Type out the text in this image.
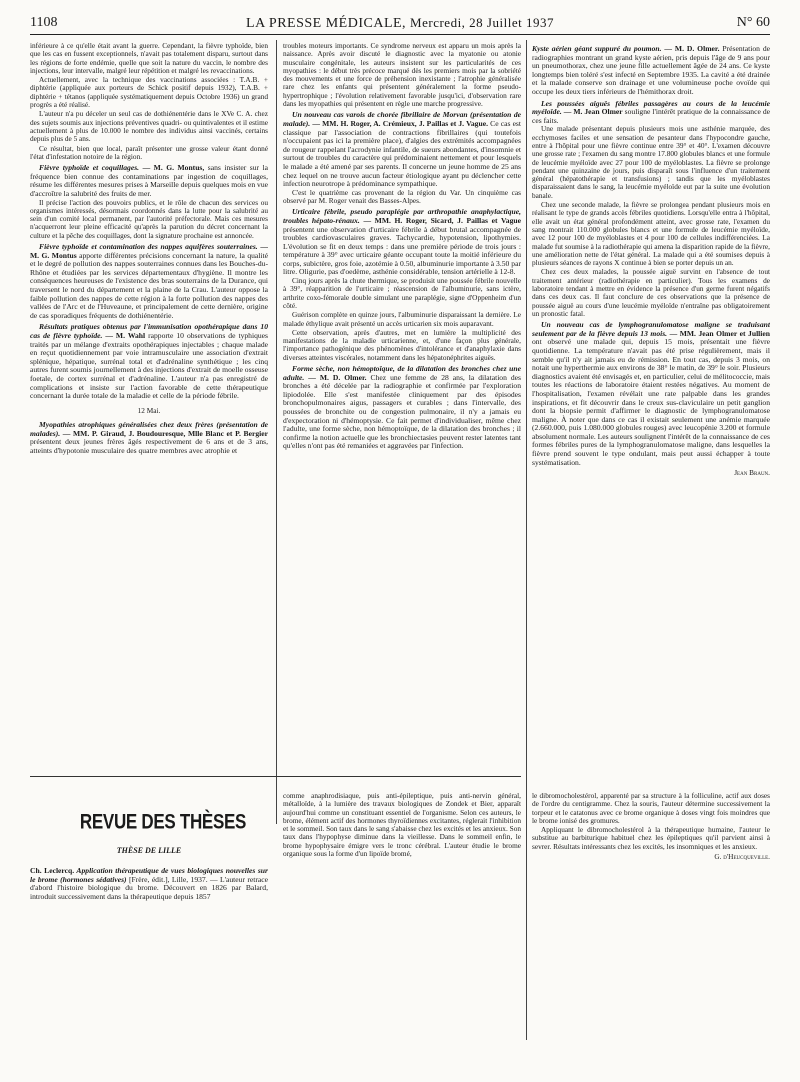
1108	LA PRESSE MÉDICALE, Mercredi, 28 Juillet 1937	N° 60

inférieure à ce qu'elle était avant la guerre. Cependant, la fièvre typhoïde, bien que les cas en fussent exceptionnels, n'avait pas totalement disparu, surtout dans les régions de forte endémie, quelle que soit la nature du vaccin, le nombre des injections, leur intervalle, malgré leur répétition et malgré les revaccinations.

Actuellement, avec la technique des vaccinations associées : T.A.B. + diphtérie (appliquée aux porteurs de Schick positif depuis 1932), T.A.B. + diphtérie + tétanos (appliquée systématiquement depuis Octobre 1936) un grand progrès a été réalisé.

L'auteur n'a pu déceler un seul cas de dothiénentérie dans le XVe C. A. chez des sujets soumis aux injections préventives quadri- ou quintivalentes et il estime actuellement à plus de 10.000 le nombre des individus ainsi vaccinés, certains depuis plus de 5 ans.

Ce résultat, bien que local, paraît présenter une grosse valeur étant donné l'état d'infestation notoire de la région.

Fièvre typhoïde et coquillages. — M. G. Montus, sans insister sur la fréquence bien connue des contaminations par ingestion de coquillages, résume les différentes mesures prises à Marseille depuis quelques mois en vue d'accroître la salubrité des fruits de mer.

Il précise l'action des pouvoirs publics, et le rôle de chacun des services ou organismes intéressés, désormais coordonnés dans la lutte pour la salubrité au sein d'un comité local permanent, par l'autorité préfectorale. Mais ces mesures n'acquerront leur pleine efficacité qu'après la parution du décret concernant la culture et la pêche des coquillages, dont la signature prochaine est annoncée.

Fièvre typhoïde et contamination des nappes aquifères souterraines. — M. G. Montus apporte différentes précisions concernant la nature, la qualité et le degré de pollution des nappes souterraines connues dans les Bouches-du-Rhône et étudiées par les services départementaux d'hygiène. Il montre les conséquences heureuses de l'existence des bras souterrains de la Durance, qui traversent le nord du département et la plaine de la Crau. L'auteur oppose la faible pollution des nappes de cette région à la forte pollution des nappes des vallées de l'Arc et de l'Huveaune, et principalement de cette dernière, origine de cas sporadiques fréquents de dothiénentérie.
Résultats pratiques obtenus par l'immunisation opothérapique dans 10 cas de fièvre typhoïde. — M. Wahl rapporte 10 observations de typhiques traités par un mélange d'extraits opothérapiques injectables ; chaque malade en reçut quotidiennement par voie intramusculaire une association d'extrait splénique, hépatique, surrénal total et d'adrénaline synthétique ; les cinq autres furent soumis journellement à des injections d'extrait de moelle osseuse foetale, de cortex surrénal et d'adrénaline. L'auteur n'a pas enregistré de complications et insiste sur l'action favorable de cette thérapeutique concernant la durée totale de la maladie et celle de la période fébrile.

12 Mai.

Myopathies atrophiques généralisées chez deux frères (présentation de malades). — MM. P. Giraud, J. Boudouresque, Mlle Blanc et P. Bergier présentent deux jeunes frères âgés respectivement de 6 ans et de 3 ans, atteints d'hypotonie musculaire des quatre membres avec atrophie et

troubles moteurs importants. Ce syndrome nerveux est apparu un mois après la naissance. Après avoir discuté le diagnostic avec la myatonie ou atonie musculaire congénitale, les auteurs insistent sur les particularités de ces myopathies : le début très précoce marqué dès les premiers mois par la sobriété des mouvements et une force de préhension inexistante ; l'atrophie généralisée rare chez les enfants qui présentent généralement la forme pseudo-hypertrophique ; l'évolution relativement favorable jusqu'ici, d'observation rare dans les myopathies qui présentent en règle une marche progressive.

Un nouveau cas varois de chorée fibrillaire de Morvan (présentation de malade). — MM. H. Roger, A. Crémieux, J. Paillas et J. Vague. Ce cas est classique par l'association de contractions fibrillaires (qui toutefois n'occupaient pas ici la première place), d'algies des extrémités accompagnées de rougeur rappelant l'acrodynie infantile, de sueurs abondantes, d'insomnie et surtout de troubles du caractère qui prédominaient nettement et pour lesquels le malade a été amené par ses parents. Il concerne un jeune homme de 25 ans chez lequel on ne trouve aucun facteur étiologique ayant pu déclencher cette infection neurotrope à prédominance sympathique.

C'est le quatrième cas provenant de la région du Var. Un cinquième cas observé par M. Roger venait des Basses-Alpes.

Urticaire fébrile, pseudo paraplégie par arthropathie anaphylactique, troubles hépato-rénaux. — MM. H. Roger, Sicard, J. Paillas et Vague présentent une observation d'urticaire fébrile à début brutal accompagnée de troubles cardiovasculaires graves. Tachycardie, hypotension, lipothymies. L'évolution se fit en deux temps : dans une première période de trois jours : température à 39° avec urticaire géante occupant toute la moitié inférieure du corps, subictère, gros foie, azotémie à 0.50, albuminurie importante à 3.50 par litre. Oligurie, pas d'oedème, asthénie considérable, tension artérielle à 12-8.

Cinq jours après la chute thermique, se produisit une poussée fébrile nouvelle à 39°, réapparition de l'urticaire ; réascension de l'albuminurie, sans ictère, arthrite coxo-fémorale double simulant une paraplégie, signe d'Oppenheim d'un côté.

Guérison complète en quinze jours, l'albuminurie disparaissant la dernière. Le malade éthylique avait présenté un accès urticarien six mois auparavant.

Cette observation, après d'autres, met en lumière la multiplicité des manifestations de la maladie urticarienne, et, d'une façon plus générale, l'importance pathogénique des phénomènes d'intolérance et d'anaphylaxie dans diverses atteintes viscérales, notamment dans les hépatonéphrites aiguës.

Forme sèche, non hémoptoïque, de la dilatation des bronches chez une adulte. — M. D. Olmer. Chez une femme de 28 ans, la dilatation des bronches a été décelée par la radiographie et confirmée par l'exploration lipiodolée. Elle s'est manifestée cliniquement par des épisodes bronchopulmonaires aigus, passagers et curables ; dans l'intervalle, des poussées de bronchite ou de congestion pulmonaire, il n'y a jamais eu d'expectoration ni d'hémoptysie. Ce fait permet d'individualiser, même chez l'adulte, une forme sèche, non hémoptoïque, de la dilatation des bronches ; il confirme la notion actuelle que les bronchiectasies peuvent rester latentes tant qu'elles n'ont pas été remaniées et aggravées par l'infection.
Kyste aérien géant suppuré du poumon. — M. D. Olmer. Présentation de radiographies montrant un grand kyste aérien, pris depuis l'âge de 9 ans pour un pneumothorax, chez une jeune fille actuellement âgée de 24 ans. Ce kyste longtemps bien toléré s'est infecté en Septembre 1935. La cavité a été drainée et la malade conserve son drainage et une volumineuse poche ovoïde qui occupe les deux tiers inférieurs de l'hémithorax droit.
Les poussées aiguës fébriles passagères au cours de la leucémie myéloïde. — M. Jean Olmer souligne l'intérêt pratique de la connaissance de ces faits.

Une malade présentant depuis plusieurs mois une asthénie marquée, des ecchymoses faciles et une sensation de pesanteur dans l'hypocondre gauche, entre à l'hôpital pour une fièvre continue entre 39° et 40°. L'examen découvre une grosse rate ; l'examen du sang montre 17.800 globules blancs et une formule de leucémie myéloïde avec 27 pour 100 de myéloblastes. La fièvre se prolonge pendant une quinzaine de jours, puis disparaît sous l'influence d'un traitement général (hépatothérapie et transfusions) ; tandis que les myéloblastes disparaissaient dans le sang, la leucémie myéloïde eut par la suite une évolution banale.

Chez une seconde malade, la fièvre se prolongea pendant plusieurs mois en réalisant le type de grands accès fébriles quotidiens. Lorsqu'elle entra à l'hôpital, elle avait un état général profondément atteint, avec grosse rate, l'examen du sang montrait 110.000 globules blancs et une formule de leucémie myéloïde, avec 12 pour 100 de myéloblastes et 4 pour 100 de cellules indifférenciées. La malade fut soumise à la radiothérapie qui amena la disparition rapide de la fièvre, une amélioration nette de l'état général. La malade qui a été soumises depuis à plusieurs séances de rayons X continue à bien se porter depuis un an.

Chez ces deux malades, la poussée aiguë survint en l'absence de tout traitement antérieur (radiothérapie en particulier). Tous les examens de laboratoire tendant à mettre en évidence la présence d'un germe furent négatifs dans ces deux cas. Il faut conclure de ces observations que la présence de poussée aiguë au cours d'une leucémie myéloïde n'entraîne pas obligatoirement un pronostic fatal.

Un nouveau cas de lymphogranulomatose maligne se traduisant seulement par de la fièvre depuis 13 mois. — MM. Jean Olmer et Jullien ont observé une malade qui, depuis 15 mois, présentait une fièvre quotidienne. La température n'avait pas été prise régulièrement, mais il semble qu'il n'y ait jamais eu de rémission. En tout cas, depuis 3 mois, on notait une hyperthermie aux environs de 38° le matin, de 39° le soir. Plusieurs diagnostics avaient été envisagés et, en particulier, celui de mélitococcie, mais toutes les réactions de laboratoire étaient restées négatives. Au moment de l'hospitalisation, l'examen révélait une rate palpable dans les grandes inspirations, et fit découvrir dans le creux sus-claviculaire un petit ganglion dont la biopsie permit d'affirmer le diagnostic de lymphogranulomatose maligne. À noter que dans ce cas il existait seulement une anémie marquée (2.660.000, puis 1.080.000 globules rouges) avec leucopénie 3.200 et formule absolument normale. Les auteurs soulignent l'intérêt de la connaissance de ces formes fébriles pures de la lymphogranulomatose maligne, dans lesquelles la fièvre prend souvent le type ondulant, mais peut aussi échapper à toute systématisation.

Jean Braun.

REVUE DES THÈSES
THÈSE DE LILLE
Ch. Leclercq. Application thérapeutique de vues biologiques nouvelles sur le brome (hormones sédatives) [Frère, édit.], Lille, 1937. — L'auteur retrace d'abord l'histoire biologique du brome. Découvert en 1826 par Balard, introduit successivement dans la thérapeutique depuis 1857

comme anaphrodisiaque, puis anti-épileptique, puis anti-nervin général, métalloïde, à la lumière des travaux biologiques de Zondek et Bier, apparaît aujourd'hui comme un constituant essentiel de l'organisme. Selon ces auteurs, le brome, élément actif des hormones thyroïdiennes excitantes, réglerait l'inhibition et le sommeil. Son taux dans le sang s'abaisse chez les excités et les anxieux. Son taux dans l'hypophyse diminue dans la vieillesse. Dans le sommeil enfin, le brome hypophysaire émigre vers le tronc cérébral. L'auteur étudie le brome organique sous la forme d'un lipoïde bromé,

le dibromocholestérol, apparenté par sa structure à la folliculine, actif aux doses de l'ordre du centigramme. Chez la souris, l'auteur détermine successivement la torpeur et le catatonus avec ce brome organique à doses vingt fois moindres que le brome ionisé des gromures.

Appliquant le dibromocholestérol à la thérapeutique humaine, l'auteur le substitue au barbiturique habituel chez les épileptiques qu'il parvient ainsi à sevrer. Résultats intéressants chez les excités, les insomniques et les anxieux.

G. d'Heucqueville.
